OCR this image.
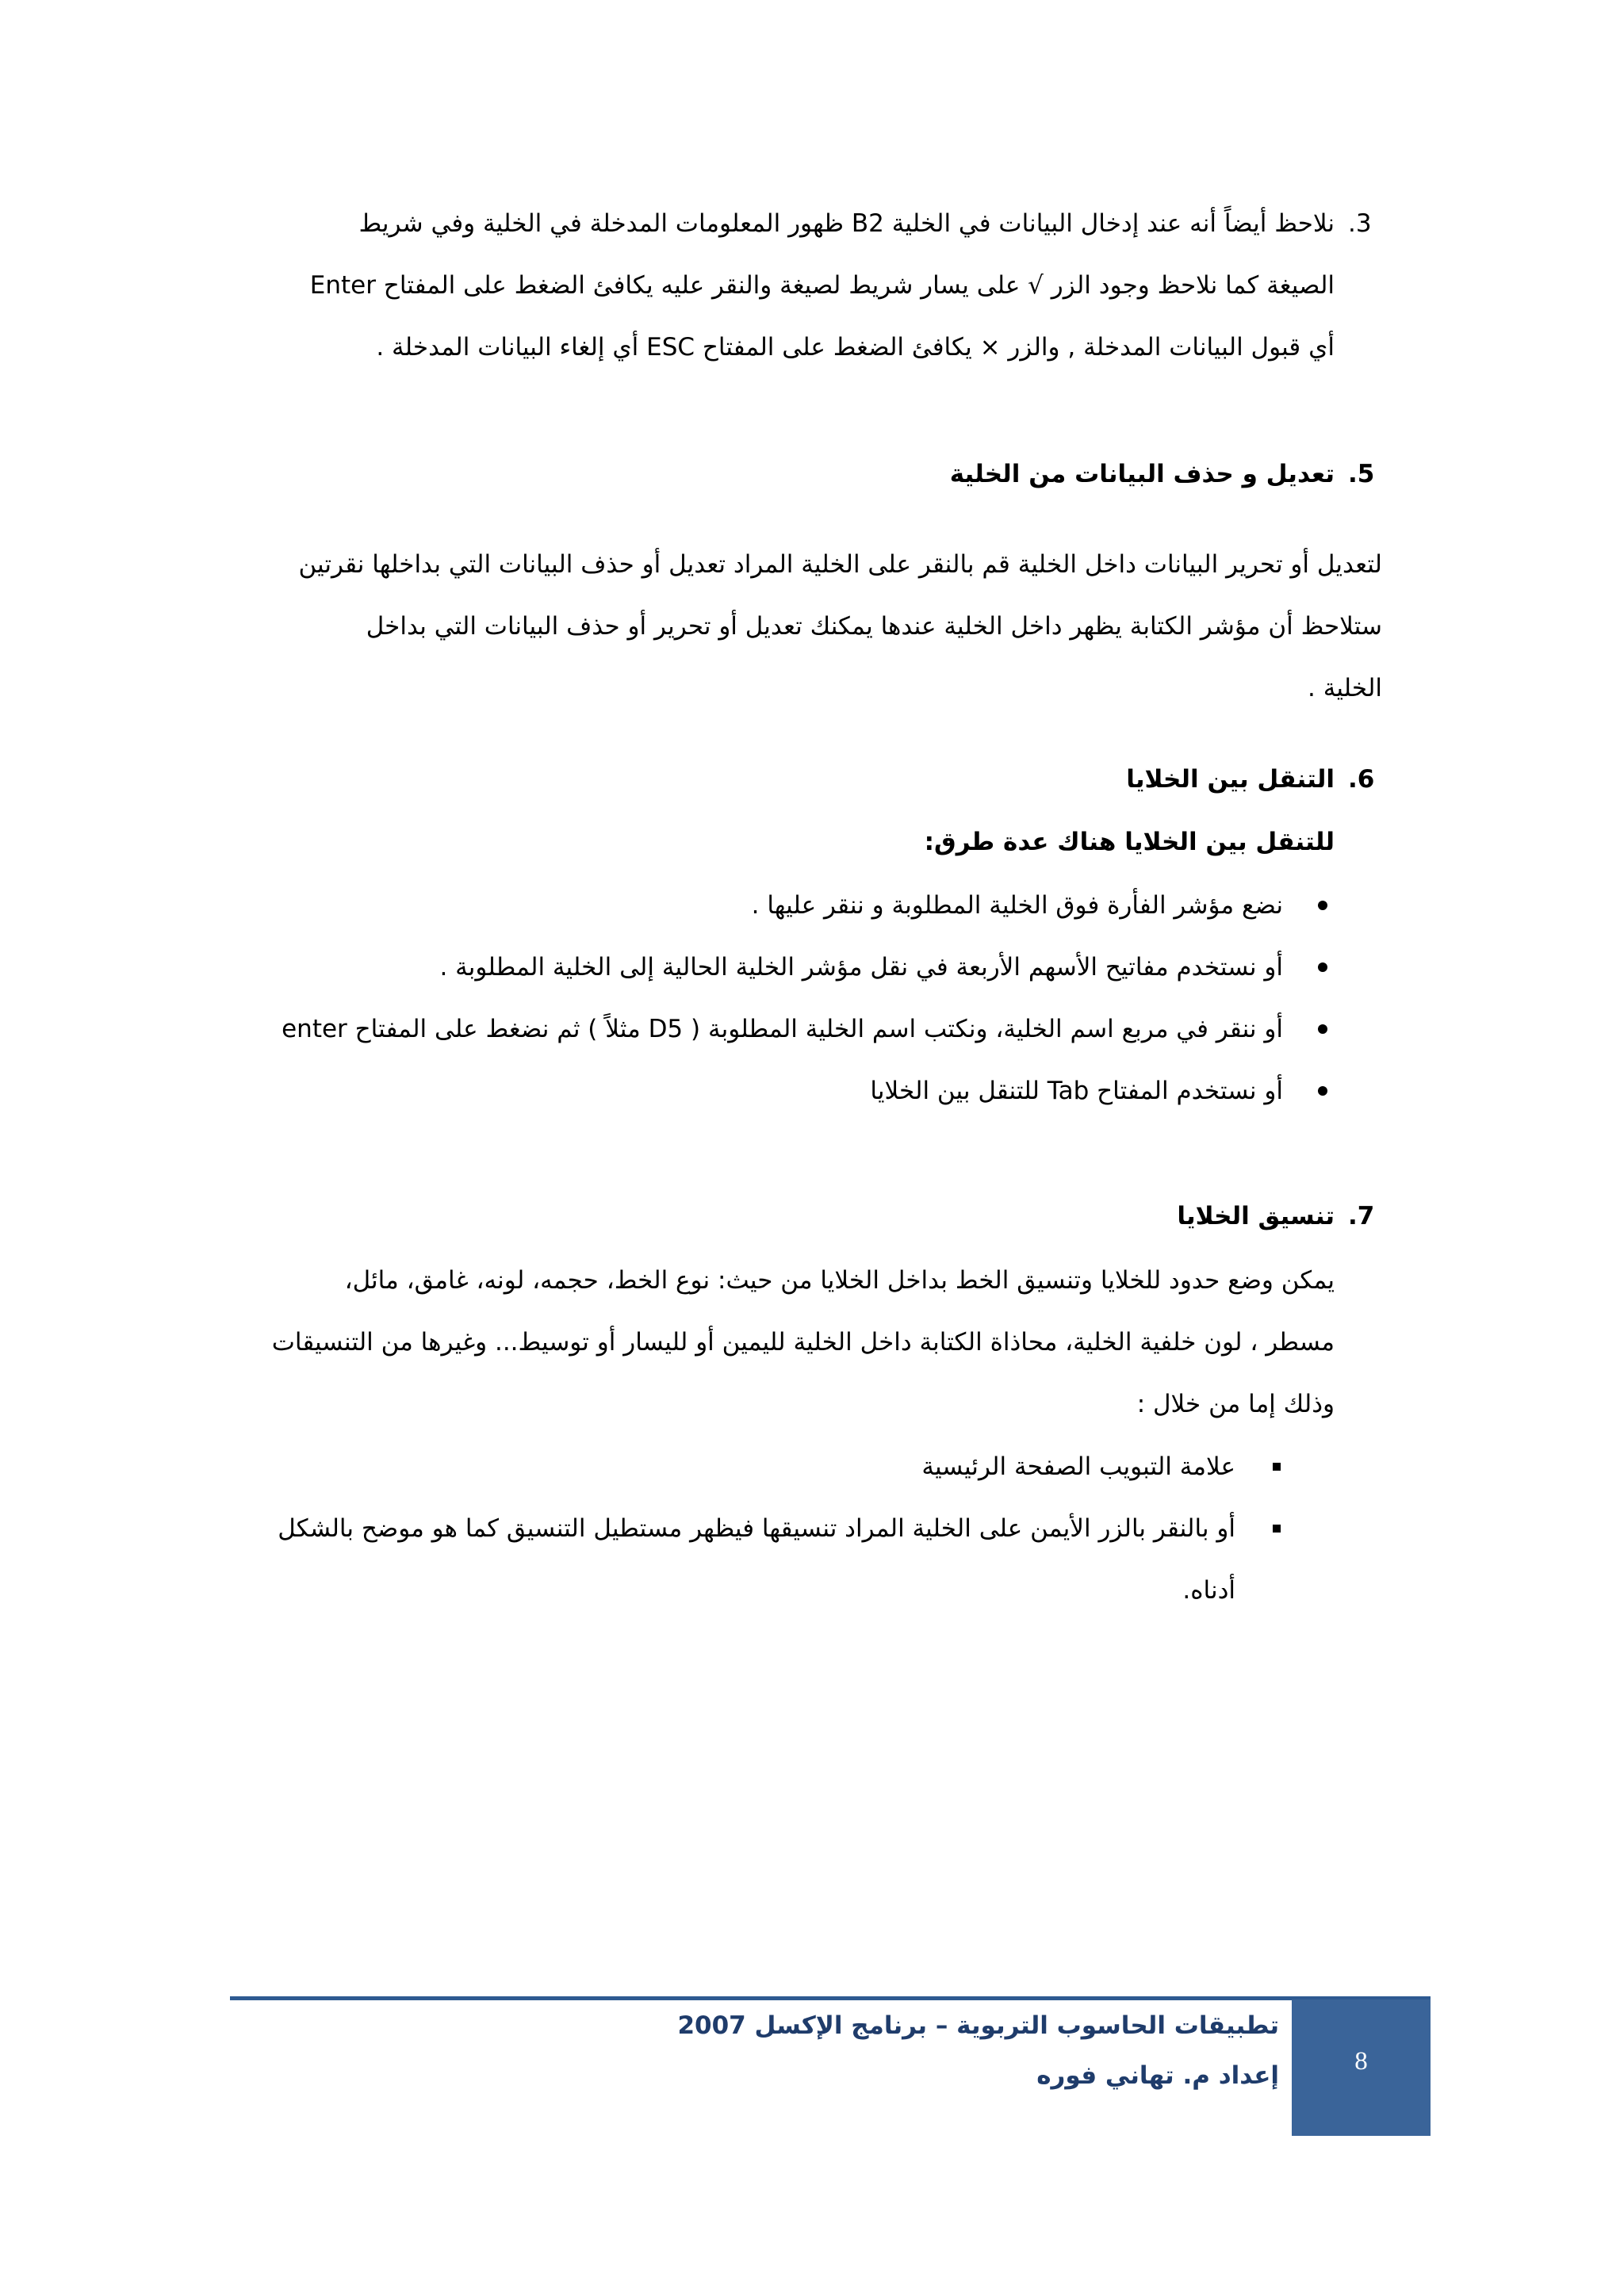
3.
نلاحظ أيضاً أنه عند إدخال البيانات في الخلية B2 ظهور المعلومات المدخلة في الخلية وفي شريط
الصيغة كما نلاحظ وجود الزر √ على يسار شريط لصيغة والنقر عليه يكافئ الضغط على المفتاح Enter
أي قبول البيانات المدخلة , والزر × يكافئ الضغط على المفتاح ESC أي إلغاء البيانات المدخلة .
5.
تعديل و حذف البيانات من الخلية
لتعديل أو تحرير البيانات داخل الخلية قم بالنقر على الخلية المراد تعديل أو حذف البيانات التي بداخلها نقرتين
ستلاحظ أن مؤشر الكتابة يظهر داخل الخلية عندها يمكنك تعديل أو تحرير أو حذف البيانات التي بداخل
الخلية .
6.
التنقل بين الخلايا
للتنقل بين الخلايا هناك عدة طرق:
نضع مؤشر الفأرة فوق الخلية المطلوبة و ننقر عليها .
أو نستخدم مفاتيح الأسهم الأربعة في نقل مؤشر الخلية الحالية إلى الخلية المطلوبة .
أو ننقر في مربع اسم الخلية، ونكتب اسم الخلية المطلوبة ( D5 مثلاً ) ثم نضغط على المفتاح enter
أو نستخدم المفتاح Tab للتنقل بين الخلايا
7.
تنسيق الخلايا
يمكن وضع حدود للخلايا وتنسيق الخط بداخل الخلايا من حيث: نوع الخط، حجمه، لونه، غامق، مائل،
مسطر ، لون خلفية الخلية، محاذاة الكتابة داخل الخلية لليمين أو لليسار أو توسيط... وغيرها من التنسيقات
وذلك إما من خلال :
علامة التبويب الصفحة الرئيسية
أو بالنقر بالزر الأيمن على الخلية المراد تنسيقها فيظهر مستطيل التنسيق كما هو موضح بالشكل
أدناه.
تطبيقات الحاسوب التربوية – برنامج الإكسل 2007
إعداد م. تهاني فوره	8
